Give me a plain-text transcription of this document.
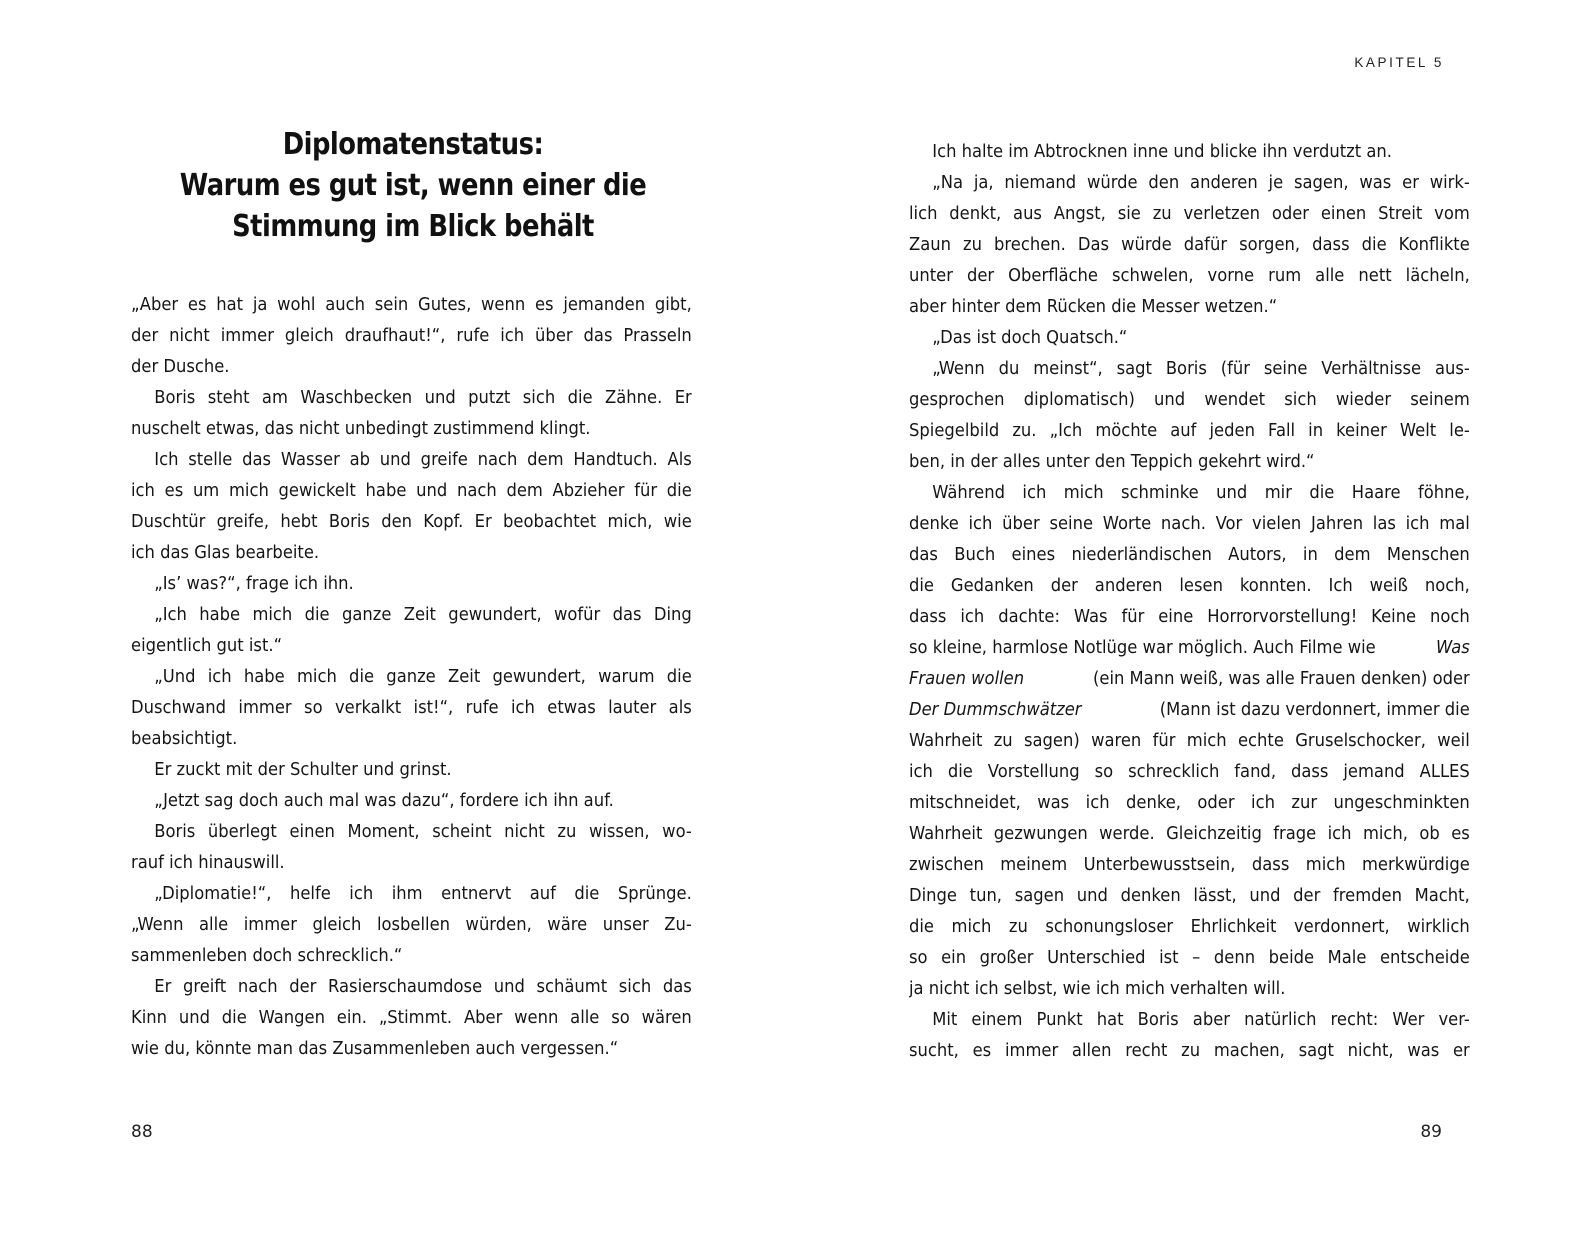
Diplomatenstatus:
Warum es gut ist, wenn einer die
Stimmung im Blick behält
„Aber es hat ja wohl auch sein Gutes, wenn es jemanden gibt,
der nicht immer gleich draufhaut!“, rufe ich über das Prasseln
der Dusche.
Boris steht am Waschbecken und putzt sich die Zähne. Er
nuschelt etwas, das nicht unbedingt zustimmend klingt.
Ich stelle das Wasser ab und greife nach dem Handtuch. Als
ich es um mich gewickelt habe und nach dem Abzieher für die
Duschtür greife, hebt Boris den Kopf. Er beobachtet mich, wie
ich das Glas bearbeite.
„Is’ was?“, frage ich ihn.
„Ich habe mich die ganze Zeit gewundert, wofür das Ding
eigentlich gut ist.“
„Und ich habe mich die ganze Zeit gewundert, warum die
Duschwand immer so verkalkt ist!“, rufe ich etwas lauter als
beabsichtigt.
Er zuckt mit der Schulter und grinst.
„Jetzt sag doch auch mal was dazu“, fordere ich ihn auf.
Boris überlegt einen Moment, scheint nicht zu wissen, wo-
rauf ich hinauswill.
„Diplomatie!“, helfe ich ihm entnervt auf die Sprünge.
„Wenn alle immer gleich losbellen würden, wäre unser Zu-
sammenleben doch schrecklich.“
Er greift nach der Rasierschaumdose und schäumt sich das
Kinn und die Wangen ein. „Stimmt. Aber wenn alle so wären
wie du, könnte man das Zusammenleben auch vergessen.“
88
KAPITEL 5
Ich halte im Abtrocknen inne und blicke ihn verdutzt an.
„Na ja, niemand würde den anderen je sagen, was er wirk-
lich denkt, aus Angst, sie zu verletzen oder einen Streit vom
Zaun zu brechen. Das würde dafür sorgen, dass die Konflikte
unter der Oberfläche schwelen, vorne rum alle nett lächeln,
aber hinter dem Rücken die Messer wetzen.“
„Das ist doch Quatsch.“
„Wenn du meinst“, sagt Boris (für seine Verhältnisse aus-
gesprochen diplomatisch) und wendet sich wieder seinem
Spiegelbild zu. „Ich möchte auf jeden Fall in keiner Welt le-
ben, in der alles unter den Teppich gekehrt wird.“
Während ich mich schminke und mir die Haare föhne,
denke ich über seine Worte nach. Vor vielen Jahren las ich mal
das Buch eines niederländischen Autors, in dem Menschen
die Gedanken der anderen lesen konnten. Ich weiß noch,
dass ich dachte: Was für eine Horrorvorstellung! Keine noch
so kleine, harmlose Notlüge war möglich. Auch Filme wie	Was
Frauen wollen	(ein Mann weiß, was alle Frauen denken) oder
Der Dummschwätzer	(Mann ist dazu verdonnert, immer die
Wahrheit zu sagen) waren für mich echte Gruselschocker, weil
ich die Vorstellung so schrecklich fand, dass jemand ALLES
mitschneidet, was ich denke, oder ich zur ungeschminkten
Wahrheit gezwungen werde. Gleichzeitig frage ich mich, ob es
zwischen meinem Unterbewusstsein, dass mich merkwürdige
Dinge tun, sagen und denken lässt, und der fremden Macht,
die mich zu schonungsloser Ehrlichkeit verdonnert, wirklich
so ein großer Unterschied ist – denn beide Male entscheide
ja nicht ich selbst, wie ich mich verhalten will.
Mit einem Punkt hat Boris aber natürlich recht: Wer ver-
sucht, es immer allen recht zu machen, sagt nicht, was er
89
